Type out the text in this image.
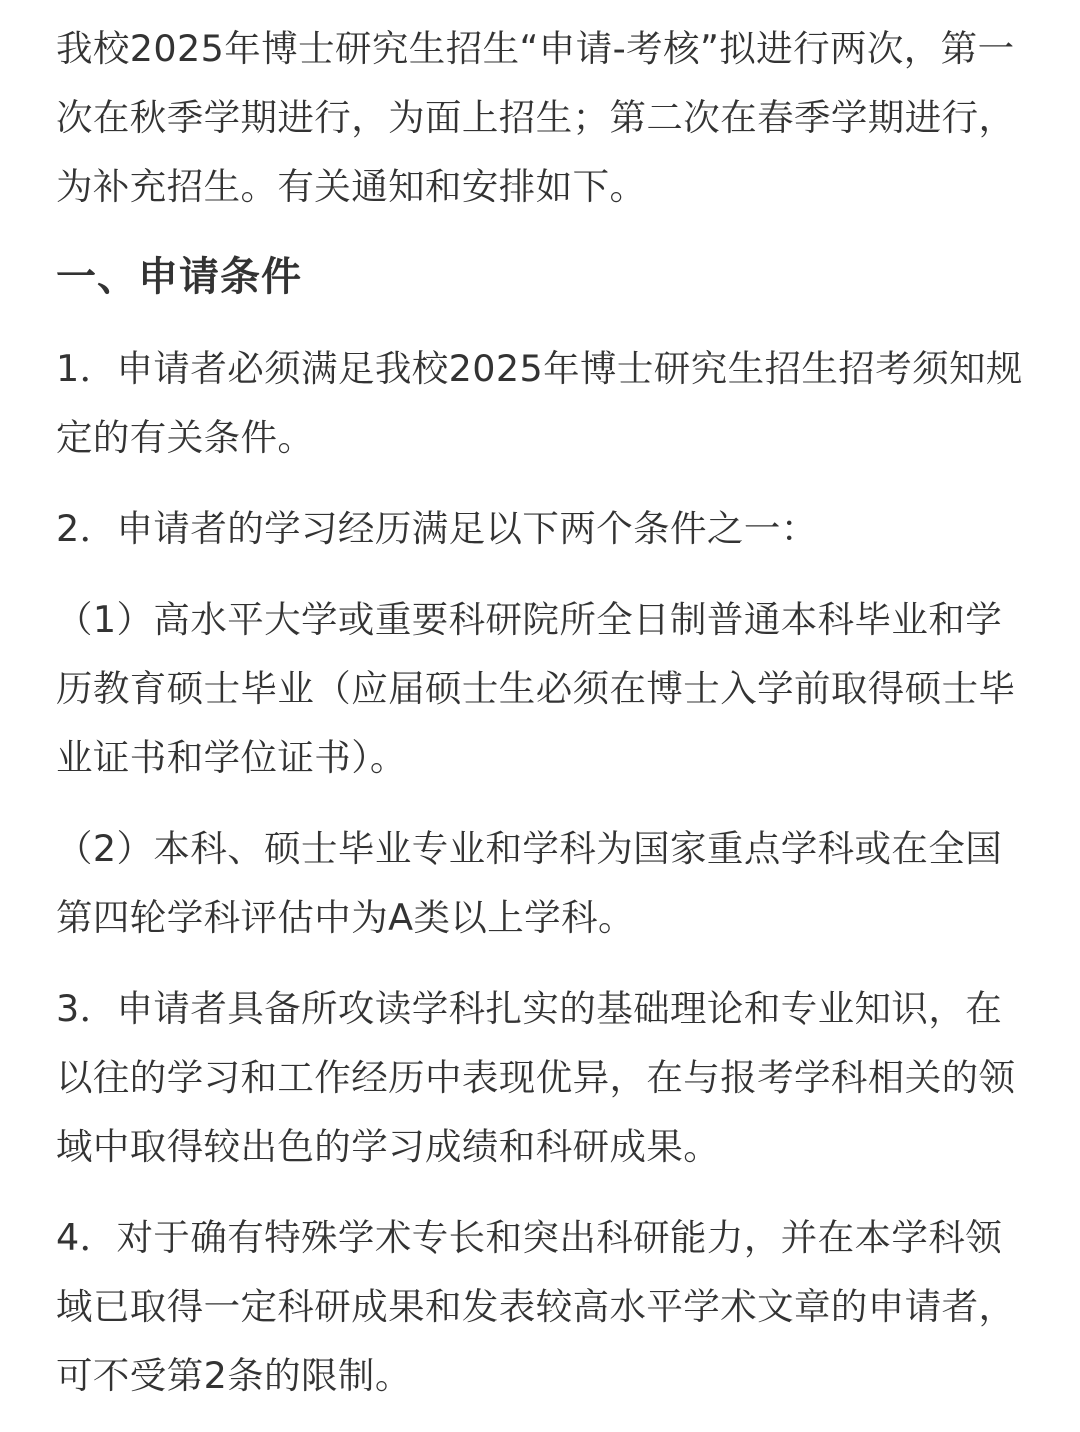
我校2025年博士研究生招生“申请-考核”拟进行两次，第一次在秋季学期进行，为面上招生；第二次在春季学期进行，为补充招生。有关通知和安排如下。

一、申请条件

1．申请者必须满足我校2025年博士研究生招生招考须知规定的有关条件。

2．申请者的学习经历满足以下两个条件之一：

（1）高水平大学或重要科研院所全日制普通本科毕业和学历教育硕士毕业（应届硕士生必须在博士入学前取得硕士毕业证书和学位证书）。

（2）本科、硕士毕业专业和学科为国家重点学科或在全国第四轮学科评估中为A类以上学科。

3．申请者具备所攻读学科扎实的基础理论和专业知识，在以往的学习和工作经历中表现优异，在与报考学科相关的领域中取得较出色的学习成绩和科研成果。

4．对于确有特殊学术专长和突出科研能力，并在本学科领域已取得一定科研成果和发表较高水平学术文章的申请者，可不受第2条的限制。
